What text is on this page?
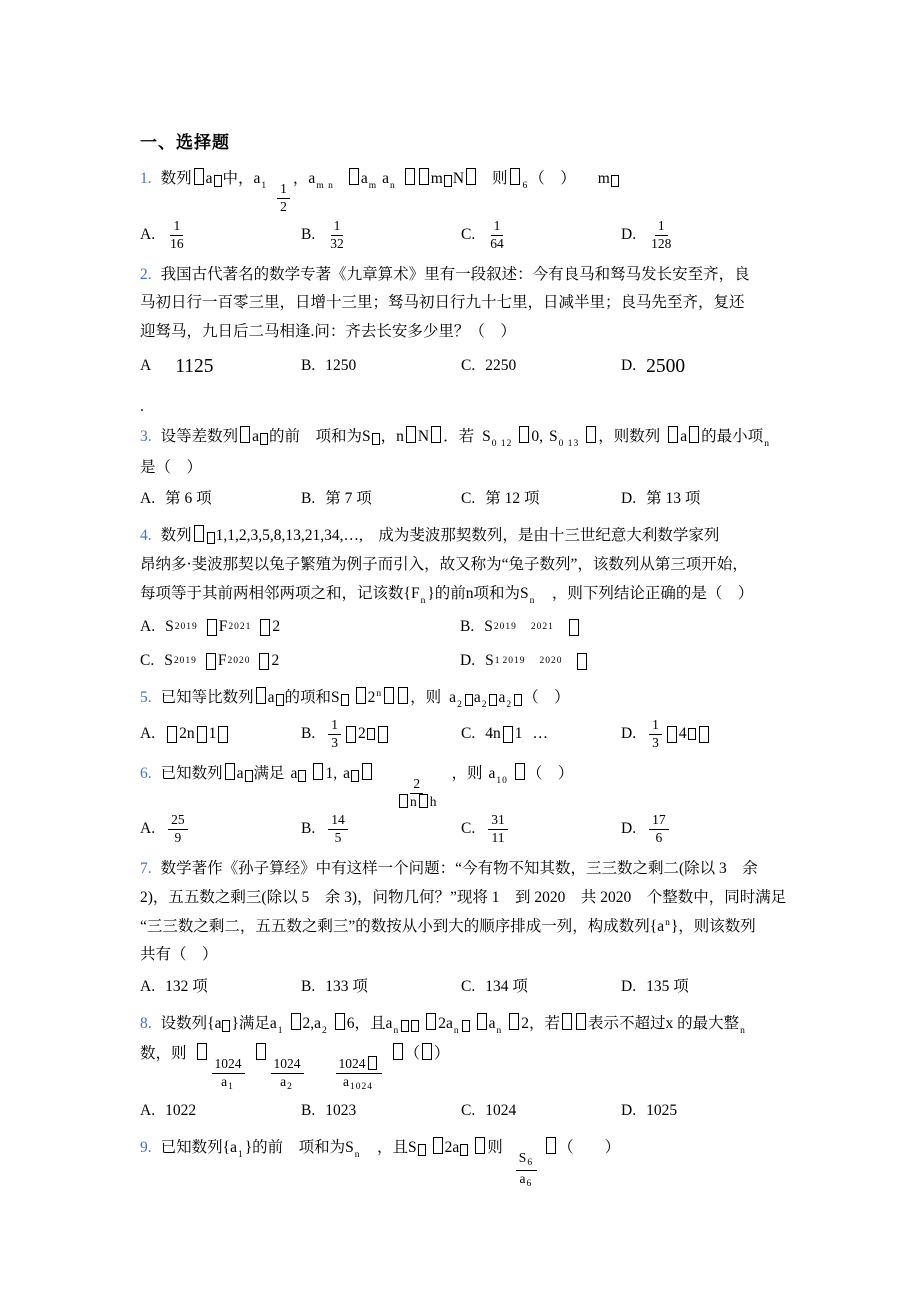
一、选择题
1. 数列 a 中，$a_1 \frac{1}{2}$
，$a_{m n}$ $a_m$ $a_n$ m N 则 $_6$（　） m
A. $\frac{1}{16}$	B. $\frac{1}{32}$	C. $\frac{1}{64}$	D. $\frac{1}{128}$
2. 我国古代著名的数学专著《九章算术》里有一段叙述：今有良马和驽马发长安至齐，良
马初日行一百零三里，日增十三里；驽马初日行九十七里，日减半里；良马先至齐，复还
迎驽马，九日后二马相逢.问：齐去长安多少里？（　）
A 1125	B. 1250	C. 2250	D. 2500
.
3. 设等差数列 a 的前　项和为S ，n N ．若 $S_{0 12}$ 0, $S_{0 13}$ ，则数列 a 的最小项$_n$
是（　）
A. 第 6 项	B. 第 7 项	C. 第 12 项	D. 第 13 项
4. 数列 1,1,2,3,5,8,13,21,34,…,　成为斐波那契数列，是由十三世纪意大利数学家列
昂纳多·斐波那契以兔子繁殖为例子而引入，故又称为“兔子数列”，该数列从第三项开始，
每项等于其前两相邻两项之和，记该数$\{F_n\}$的前n项和为$S_n$　，则下列结论正确的是（　）
A. S 2019 F 2021 2	B. S 2019 2021
C. S 2019 F 2020 2	D. S 1 2019 2020
5. 已知等比数列 a 的项和S 2$^n$ ，则 $a_2$ $a_2$ $a_2$ （　）
A. 2n 1	B. $\frac{1}{3} 2$	C. 4n 1 …	D. $\frac{1}{3} 4$
6. 已知数列 a 满足 a 1, a
$\frac{2}{\text{n h}}$
，则 $a_{10}$ （　）
A. $\frac{25}{9}$	B. $\frac{14}{5}$	C. $\frac{31}{11}$	D. $\frac{17}{6}$
7. 数学著作《孙子算经》中有这样一个问题：“今有物不知其数，三三数之剩二(除以 3　余
2)，五五数之剩三(除以 5　余 3)，问物几何？”现将 1　到 2020　共 2020　个整数中，同时满足
“三三数之剩二，五五数之剩三”的数按从小到大的顺序排成一列，构成数列$\{a^n\}$，则该数列
共有（　）
A. 132 项	B. 133 项	C. 134 项	D. 135 项
8. 设数列{a }满足$a_1$ $2,a_2$ 6，且$a_n$	$2a_n$ $a_n$ 2，若 表示不超过x 的最大整$_n$
数，则
$\frac{1024}{a_1} \frac{1024}{a_2} \frac{1024}{a_{1024}}$
（ ）
A. 1022	B. 1023	C. 1024	D. 1025
9. 已知数列$\{a_1\}$的前　项和为$S_n$　，且S 2a 则
$\frac{S_6}{a_6}$
（　　）
